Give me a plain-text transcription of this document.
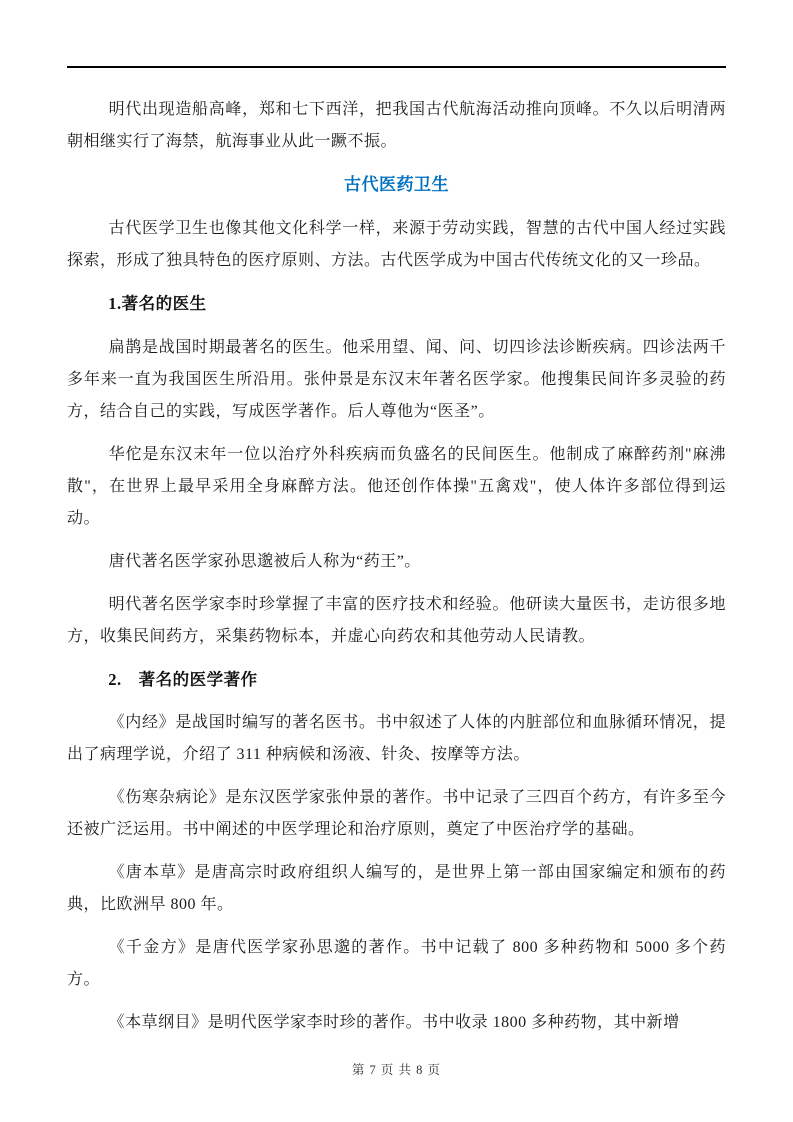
明代出现造船高峰，郑和七下西洋，把我国古代航海活动推向顶峰。不久以后明清两朝相继实行了海禁，航海事业从此一蹶不振。

古代医药卫生

古代医学卫生也像其他文化科学一样，来源于劳动实践，智慧的古代中国人经过实践探索，形成了独具特色的医疗原则、方法。古代医学成为中国古代传统文化的又一珍品。

1.著名的医生

扁鹊是战国时期最著名的医生。他采用望、闻、问、切四诊法诊断疾病。四诊法两千多年来一直为我国医生所沿用。张仲景是东汉末年著名医学家。他搜集民间许多灵验的药方，结合自己的实践，写成医学著作。后人尊他为“医圣”。

华佗是东汉末年一位以治疗外科疾病而负盛名的民间医生。他制成了麻醉药剂"麻沸散"，在世界上最早采用全身麻醉方法。他还创作体操"五禽戏"，使人体许多部位得到运动。

唐代著名医学家孙思邈被后人称为“药王”。

明代著名医学家李时珍掌握了丰富的医疗技术和经验。他研读大量医书，走访很多地方，收集民间药方，采集药物标本，并虚心向药农和其他劳动人民请教。

2.　著名的医学著作

《内经》是战国时编写的著名医书。书中叙述了人体的内脏部位和血脉循环情况，提出了病理学说，介绍了 311 种病候和汤液、针灸、按摩等方法。

《伤寒杂病论》是东汉医学家张仲景的著作。书中记录了三四百个药方，有许多至今还被广泛运用。书中阐述的中医学理论和治疗原则，奠定了中医治疗学的基础。

《唐本草》是唐高宗时政府组织人编写的，是世界上第一部由国家编定和颁布的药典，比欧洲早 800 年。

《千金方》是唐代医学家孙思邈的著作。书中记载了 800 多种药物和 5000 多个药方。

《本草纲目》是明代医学家李时珍的著作。书中收录 1800 多种药物，其中新增

第 7 页 共 8 页
